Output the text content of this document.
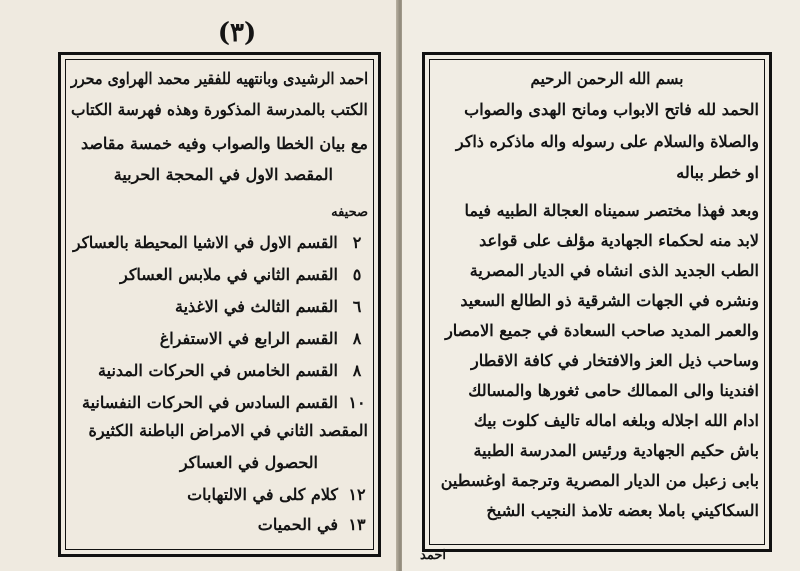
(٣)
احمد الرشيدى وبانتهيه للفقير محمد الهراوى محرر
الكتب بالمدرسة المذكورة وهذه فهرسة الكتاب
مع بيان الخطا والصواب وفيه خمسة مقاصد
المقصد الاول في المحجة الحربية
صحيفه
٢
القسم الاول في الاشيا المحيطة بالعساكر
٥
القسم الثاني في ملابس العساكر
٦
القسم الثالث في الاغذية
٨
القسم الرابع في الاستفراغ
٨
القسم الخامس في الحركات المدنية
١٠
القسم السادس في الحركات النفسانية
المقصد الثاني في الامراض الباطنة الكثيرة
الحصول في العساكر
١٢
كلام كلى في الالتهابات
١٣
في الحميات
بسم الله الرحمن الرحيم
الحمد لله فاتح الابواب ومانح الهدى والصواب
والصلاة والسلام على رسوله واله ماذكره ذاكر
او خطر بباله
وبعد فهذا مختصر سميناه العجالة الطبيه فيما
لابد منه لحكماء الجهادية مؤلف على قواعد
الطب الجديد الذى انشاه في الديار المصرية
ونشره في الجهات الشرقية ذو الطالع السعيد
والعمر المديد صاحب السعادة في جميع الامصار
وساحب ذيل العز والافتخار في كافة الاقطار
افندينا والى الممالك حامى ثغورها والمسالك
ادام الله اجلاله وبلغه اماله تاليف كلوت بيك
باش حكيم الجهادية ورئيس المدرسة الطبية
بابى زعبل من الديار المصرية وترجمة اوغسطين
السكاكيني باملا بعضه تلامذ النجيب الشيخ
احمد
